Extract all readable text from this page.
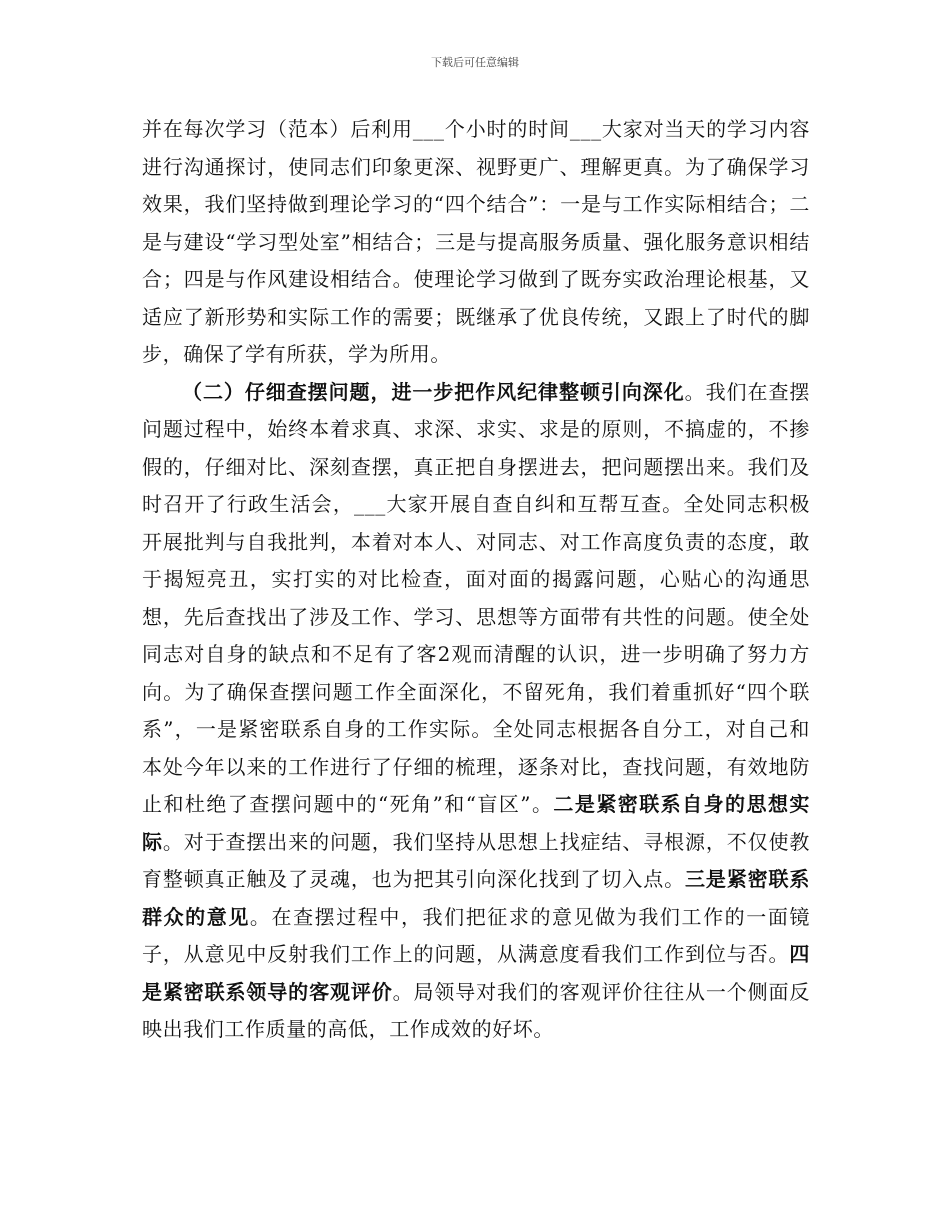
下载后可任意编辑

并在每次学习（范本）后利用___个小时的时间___大家对当天的学习内容进行沟通探讨，使同志们印象更深、视野更广、理解更真。为了确保学习效果，我们坚持做到理论学习的“四个结合”：一是与工作实际相结合；二是与建设“学习型处室”相结合；三是与提高服务质量、强化服务意识相结合；四是与作风建设相结合。使理论学习做到了既夯实政治理论根基，又适应了新形势和实际工作的需要；既继承了优良传统，又跟上了时代的脚步，确保了学有所获，学为所用。

（二）仔细查摆问题，进一步把作风纪律整顿引向深化。我们在查摆问题过程中，始终本着求真、求深、求实、求是的原则，不搞虚的，不掺假的，仔细对比、深刻查摆，真正把自身摆进去，把问题摆出来。我们及时召开了行政生活会，___大家开展自查自纠和互帮互查。全处同志积极开展批判与自我批判，本着对本人、对同志、对工作高度负责的态度，敢于揭短亮丑，实打实的对比检查，面对面的揭露问题，心贴心的沟通思想，先后查找出了涉及工作、学习、思想等方面带有共性的问题。使全处同志对自身的缺点和不足有了客2观而清醒的认识，进一步明确了努力方向。为了确保查摆问题工作全面深化，不留死角，我们着重抓好“四个联系”，一是紧密联系自身的工作实际。全处同志根据各自分工，对自己和本处今年以来的工作进行了仔细的梳理，逐条对比，查找问题，有效地防止和杜绝了查摆问题中的“死角”和“盲区”。二是紧密联系自身的思想实际。对于查摆出来的问题，我们坚持从思想上找症结、寻根源，不仅使教育整顿真正触及了灵魂，也为把其引向深化找到了切入点。三是紧密联系群众的意见。在查摆过程中，我们把征求的意见做为我们工作的一面镜子，从意见中反射我们工作上的问题，从满意度看我们工作到位与否。四是紧密联系领导的客观评价。局领导对我们的客观评价往往从一个侧面反映出我们工作质量的高低，工作成效的好坏。
